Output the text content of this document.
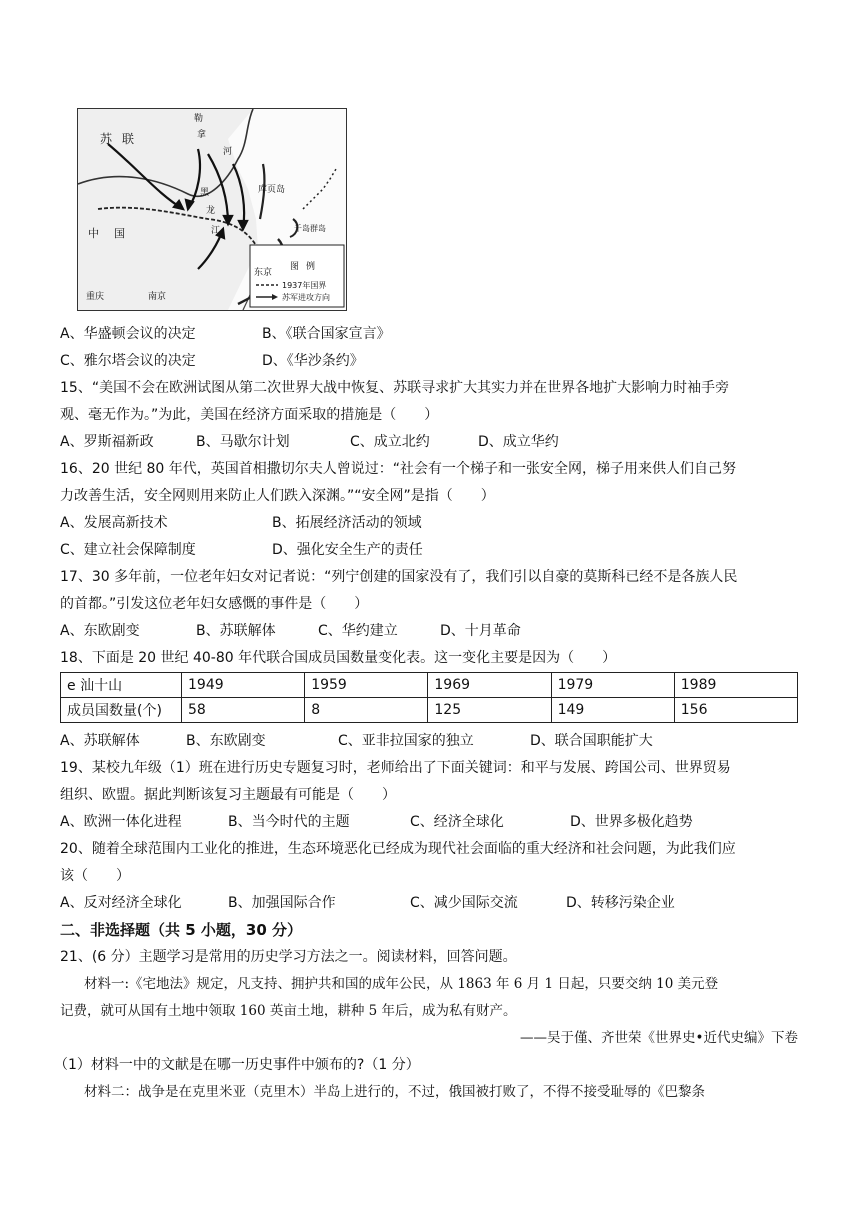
苏 联
勒
拿
河
库页岛
千岛群岛
中 国
黑
龙
江
东京
南京
重庆
图 例
1937年国界
苏军进攻方向
A、华盛顿会议的决定	B、《联合国家宣言》
C、雅尔塔会议的决定	D、《华沙条约》
15、“美国不会在欧洲试图从第二次世界大战中恢复、苏联寻求扩大其实力并在世界各地扩大影响力时袖手旁
观、毫无作为。”为此，美国在经济方面采取的措施是（　　）
A、罗斯福新政	B、马歇尔计划	C、成立北约	D、成立华约
16、20 世纪 80 年代，英国首相撒切尔夫人曾说过：“社会有一个梯子和一张安全网，梯子用来供人们自己努
力改善生活，安全网则用来防止人们跌入深渊。”“安全网”是指（　　）
A、发展高新技术	B、拓展经济活动的领域
C、建立社会保障制度	D、强化安全生产的责任
17、30 多年前，一位老年妇女对记者说：“列宁创建的国家没有了，我们引以自豪的莫斯科已经不是各族人民
的首都。”引发这位老年妇女感慨的事件是（　　）
A、东欧剧变	B、苏联解体	C、华约建立	D、十月革命
18、下面是 20 世纪 40-80 年代联合国成员国数量变化表。这一变化主要是因为（　　）
e 汕十山	1949	1959	1969	1979	1989
成员国数量(个)	58	8	125	149	156
A、苏联解体	B、东欧剧变	C、亚非拉国家的独立	D、联合国职能扩大
19、某校九年级（1）班在进行历史专题复习时，老师给出了下面关键词：和平与发展、跨国公司、世界贸易
组织、欧盟。据此判断该复习主题最有可能是（　　）
A、欧洲一体化进程	B、当今时代的主题	C、经济全球化	D、世界多极化趋势
20、随着全球范围内工业化的推进，生态环境恶化已经成为现代社会面临的重大经济和社会问题，为此我们应
该（　　）
A、反对经济全球化	B、加强国际合作	C、减少国际交流	D、转移污染企业
二、非选择题（共 5 小题，30 分）
21、(6 分）主题学习是常用的历史学习方法之一。阅读材料，回答问题。
材料一:《宅地法》规定，凡支持、拥护共和国的成年公民，从 1863 年 6 月 1 日起，只要交纳 10 美元登
记费，就可从国有土地中领取 160 英亩土地，耕种 5 年后，成为私有财产。
——吴于僅、齐世荣《世界史•近代史编》下卷
（1）材料一中的文献是在哪一历史事件中颁布的?（1 分）
材料二：战争是在克里米亚（克里木）半岛上进行的，不过，俄国被打败了，不得不接受耻辱的《巴黎条
